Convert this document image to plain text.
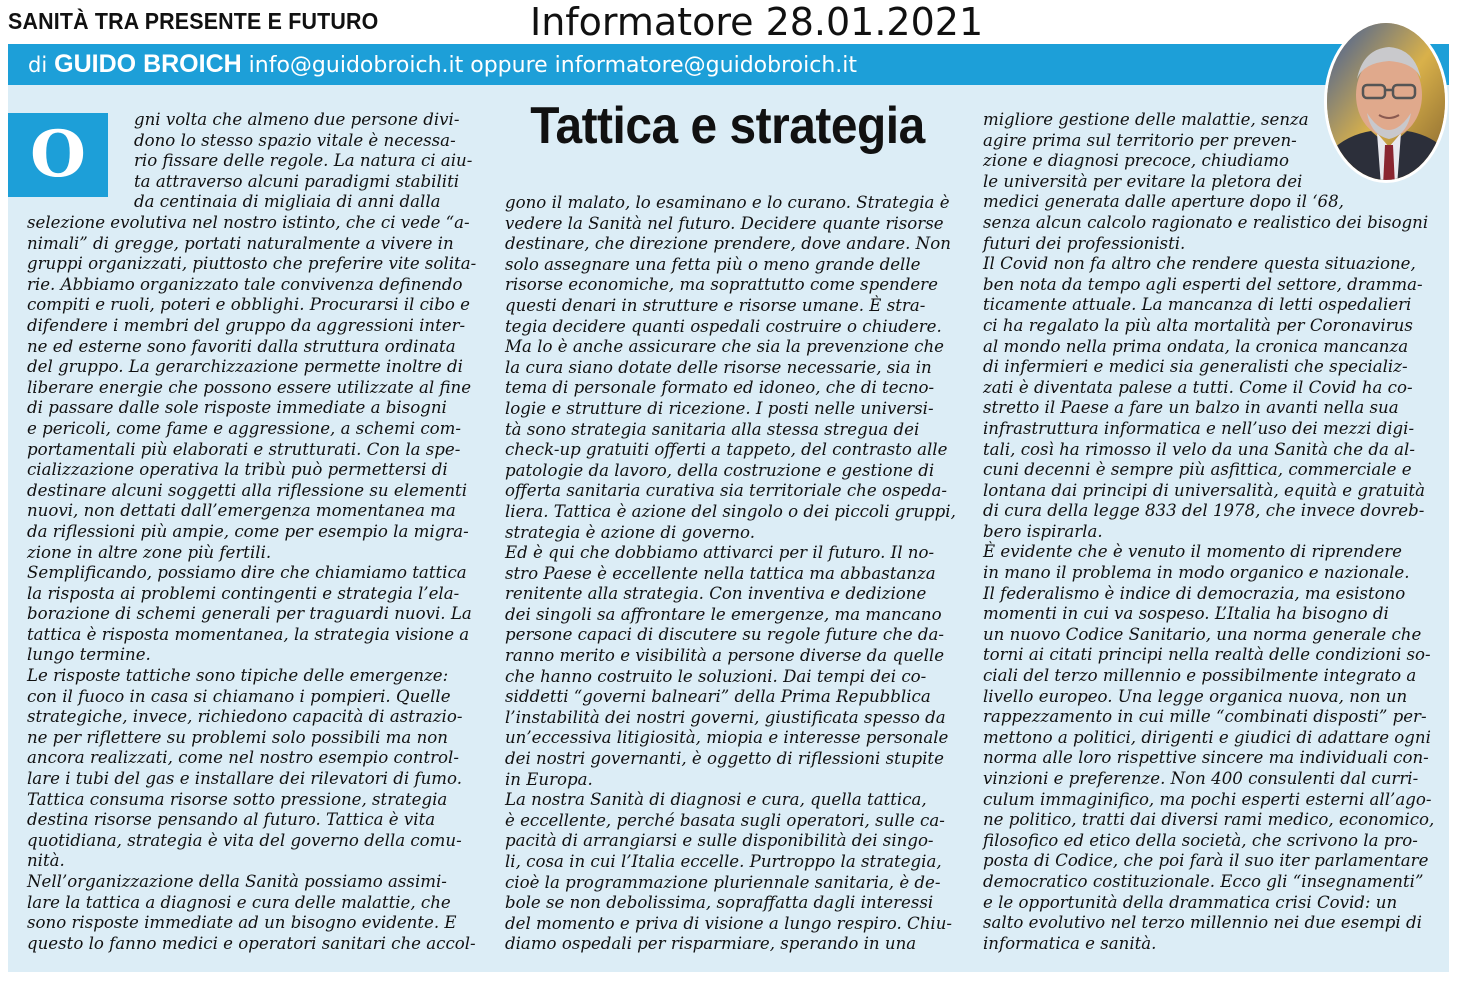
SANITÀ TRA PRESENTE E FUTURO	Informatore 28.01.2021
di GUIDO BROICH info@guidobroich.it oppure informatore@guidobroich.it
O	Tattica e strategia
gni volta che almeno due persone divi-
dono lo stesso spazio vitale è necessa-
rio fissare delle regole. La natura ci aiu-
ta attraverso alcuni paradigmi stabiliti
da centinaia di migliaia di anni dalla
selezione evolutiva nel nostro istinto, che ci vede “a-
nimali” di gregge, portati naturalmente a vivere in
gruppi organizzati, piuttosto che preferire vite solita-
rie. Abbiamo organizzato tale convivenza definendo
compiti e ruoli, poteri e obblighi. Procurarsi il cibo e
difendere i membri del gruppo da aggressioni inter-
ne ed esterne sono favoriti dalla struttura ordinata
del gruppo. La gerarchizzazione permette inoltre di
liberare energie che possono essere utilizzate al fine
di passare dalle sole risposte immediate a bisogni
e pericoli, come fame e aggressione, a schemi com-
portamentali più elaborati e strutturati. Con la spe-
cializzazione operativa la tribù può permettersi di
destinare alcuni soggetti alla riflessione su elementi
nuovi, non dettati dall’emergenza momentanea ma
da riflessioni più ampie, come per esempio la migra-
zione in altre zone più fertili.
Semplificando, possiamo dire che chiamiamo tattica
la risposta ai problemi contingenti e strategia l’ela-
borazione di schemi generali per traguardi nuovi. La
tattica è risposta momentanea, la strategia visione a
lungo termine.
Le risposte tattiche sono tipiche delle emergenze:
con il fuoco in casa si chiamano i pompieri. Quelle
strategiche, invece, richiedono capacità di astrazio-
ne per riflettere su problemi solo possibili ma non
ancora realizzati, come nel nostro esempio control-
lare i tubi del gas e installare dei rilevatori di fumo.
Tattica consuma risorse sotto pressione, strategia
destina risorse pensando al futuro. Tattica è vita
quotidiana, strategia è vita del governo della comu-
nità.
Nell’organizzazione della Sanità possiamo assimi-
lare la tattica a diagnosi e cura delle malattie, che
sono risposte immediate ad un bisogno evidente. E
questo lo fanno medici e operatori sanitari che accol-
gono il malato, lo esaminano e lo curano. Strategia è
vedere la Sanità nel futuro. Decidere quante risorse
destinare, che direzione prendere, dove andare. Non
solo assegnare una fetta più o meno grande delle
risorse economiche, ma soprattutto come spendere
questi denari in strutture e risorse umane. È stra-
tegia decidere quanti ospedali costruire o chiudere.
Ma lo è anche assicurare che sia la prevenzione che
la cura siano dotate delle risorse necessarie, sia in
tema di personale formato ed idoneo, che di tecno-
logie e strutture di ricezione. I posti nelle universi-
tà sono strategia sanitaria alla stessa stregua dei
check-up gratuiti offerti a tappeto, del contrasto alle
patologie da lavoro, della costruzione e gestione di
offerta sanitaria curativa sia territoriale che ospeda-
liera. Tattica è azione del singolo o dei piccoli gruppi,
strategia è azione di governo.
Ed è qui che dobbiamo attivarci per il futuro. Il no-
stro Paese è eccellente nella tattica ma abbastanza
renitente alla strategia. Con inventiva e dedizione
dei singoli sa affrontare le emergenze, ma mancano
persone capaci di discutere su regole future che da-
ranno merito e visibilità a persone diverse da quelle
che hanno costruito le soluzioni. Dai tempi dei co-
siddetti “governi balneari” della Prima Repubblica
l’instabilità dei nostri governi, giustificata spesso da
un’eccessiva litigiosità, miopia e interesse personale
dei nostri governanti, è oggetto di riflessioni stupite
in Europa.
La nostra Sanità di diagnosi e cura, quella tattica,
è eccellente, perché basata sugli operatori, sulle ca-
pacità di arrangiarsi e sulle disponibilità dei singo-
li, cosa in cui l’Italia eccelle. Purtroppo la strategia,
cioè la programmazione pluriennale sanitaria, è de-
bole se non debolissima, sopraffatta dagli interessi
del momento e priva di visione a lungo respiro. Chiu-
diamo ospedali per risparmiare, sperando in una
migliore gestione delle malattie, senza
agire prima sul territorio per preven-
zione e diagnosi precoce, chiudiamo
le università per evitare la pletora dei
medici generata dalle aperture dopo il ‘68,
senza alcun calcolo ragionato e realistico dei bisogni
futuri dei professionisti.
Il Covid non fa altro che rendere questa situazione,
ben nota da tempo agli esperti del settore, dramma-
ticamente attuale. La mancanza di letti ospedalieri
ci ha regalato la più alta mortalità per Coronavirus
al mondo nella prima ondata, la cronica mancanza
di infermieri e medici sia generalisti che specializ-
zati è diventata palese a tutti. Come il Covid ha co-
stretto il Paese a fare un balzo in avanti nella sua
infrastruttura informatica e nell’uso dei mezzi digi-
tali, così ha rimosso il velo da una Sanità che da al-
cuni decenni è sempre più asfittica, commerciale e
lontana dai principi di universalità, equità e gratuità
di cura della legge 833 del 1978, che invece dovreb-
bero ispirarla.
È evidente che è venuto il momento di riprendere
in mano il problema in modo organico e nazionale.
Il federalismo è indice di democrazia, ma esistono
momenti in cui va sospeso. L’Italia ha bisogno di
un nuovo Codice Sanitario, una norma generale che
torni ai citati principi nella realtà delle condizioni so-
ciali del terzo millennio e possibilmente integrato a
livello europeo. Una legge organica nuova, non un
rappezzamento in cui mille “combinati disposti” per-
mettono a politici, dirigenti e giudici di adattare ogni
norma alle loro rispettive sincere ma individuali con-
vinzioni e preferenze. Non 400 consulenti dal curri-
culum immaginifico, ma pochi esperti esterni all’ago-
ne politico, tratti dai diversi rami medico, economico,
filosofico ed etico della società, che scrivono la pro-
posta di Codice, che poi farà il suo iter parlamentare
democratico costituzionale. Ecco gli “insegnamenti”
e le opportunità della drammatica crisi Covid: un
salto evolutivo nel terzo millennio nei due esempi di
informatica e sanità.
